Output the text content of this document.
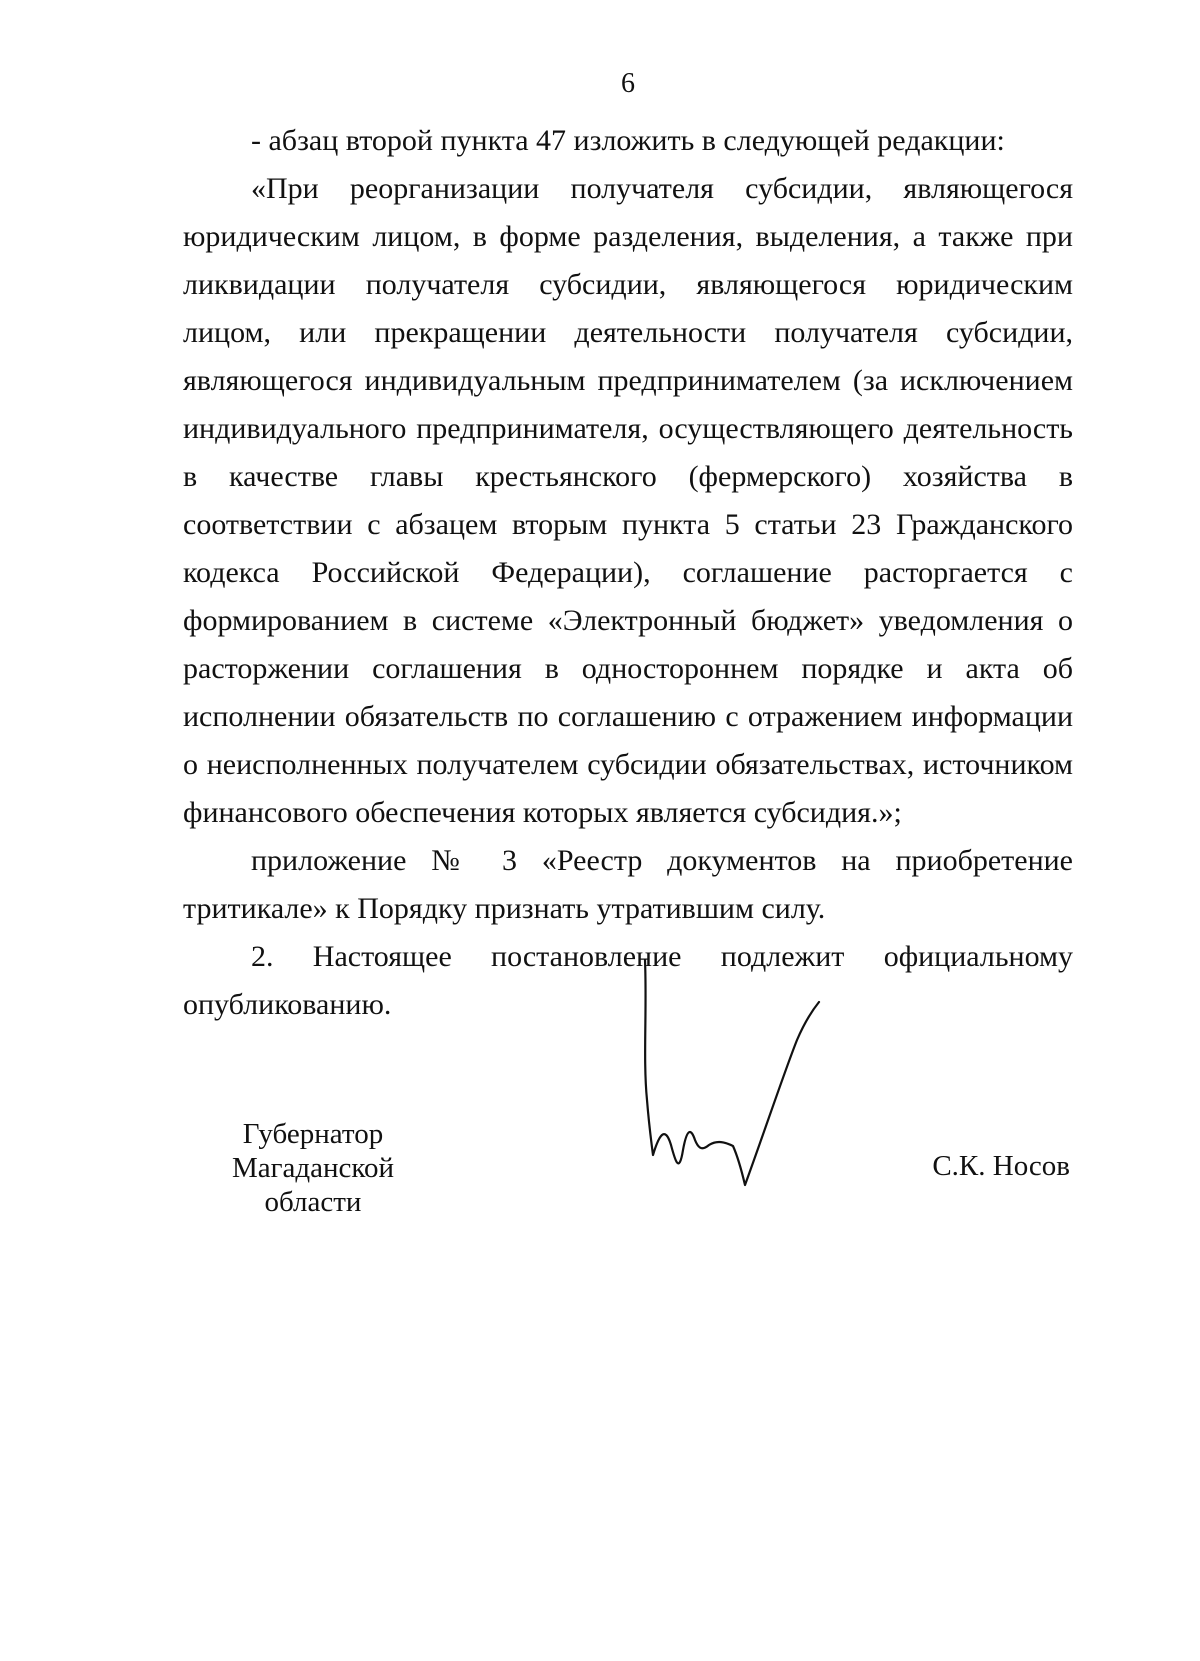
6
- абзац второй пункта 47 изложить в следующей редакции:

«При реорганизации получателя субсидии, являющегося юридическим лицом, в форме разделения, выделения, а также при ликвидации получателя субсидии, являющегося юридическим лицом, или прекращении деятельности получателя субсидии, являющегося индивидуальным предпринимателем (за исключением индивидуального предпринимателя, осуществляющего деятельность в качестве главы крестьянского (фермерского) хозяйства в соответствии с абзацем вторым пункта 5 статьи 23 Гражданского кодекса Российской Федерации), соглашение расторгается с формированием в системе «Электронный бюджет» уведомления о расторжении соглашения в одностороннем порядке и акта об исполнении обязательств по соглашению с отражением информации о неисполненных получателем субсидии обязательствах, источником финансового обеспечения которых является субсидия.»;

приложение № 3 «Реестр документов на приобретение тритикале» к Порядку признать утратившим силу.

2. Настоящее постановление подлежит официальному опубликованию.

Губернатор
Магаданской области
С.К. Носов
